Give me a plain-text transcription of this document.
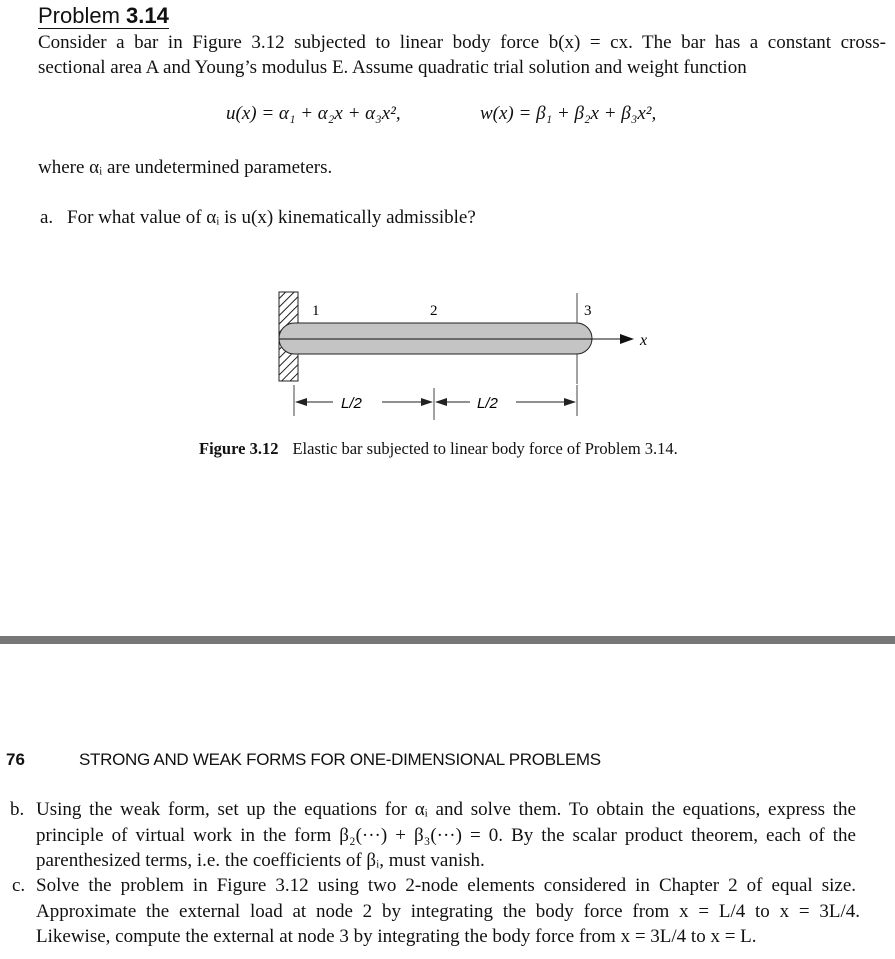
Problem 3.14
Consider a bar in Figure 3.12 subjected to linear body force b(x) = cx. The bar has a constant cross-
sectional area A and Young’s modulus E. Assume quadratic trial solution and weight function
u(x) = α₁ + α₂x + α₃x²,	w(x) = β₁ + β₂x + β₃x²,
where αᵢ are undetermined parameters.
a. For what value of αᵢ is u(x) kinematically admissible?
1	2	3
x
L/2	L/2
Figure 3.12 Elastic bar subjected to linear body force of Problem 3.14.
76	STRONG AND WEAK FORMS FOR ONE-DIMENSIONAL PROBLEMS
b. Using the weak form, set up the equations for αᵢ and solve them. To obtain the equations, express the
principle of virtual work in the form β₂(···) + β₃(···) = 0. By the scalar product theorem, each of the
parenthesized terms, i.e. the coefficients of βᵢ, must vanish.
c. Solve the problem in Figure 3.12 using two 2-node elements considered in Chapter 2 of equal size.
Approximate the external load at node 2 by integrating the body force from x = L/4 to x = 3L/4.
Likewise, compute the external at node 3 by integrating the body force from x = 3L/4 to x = L.
